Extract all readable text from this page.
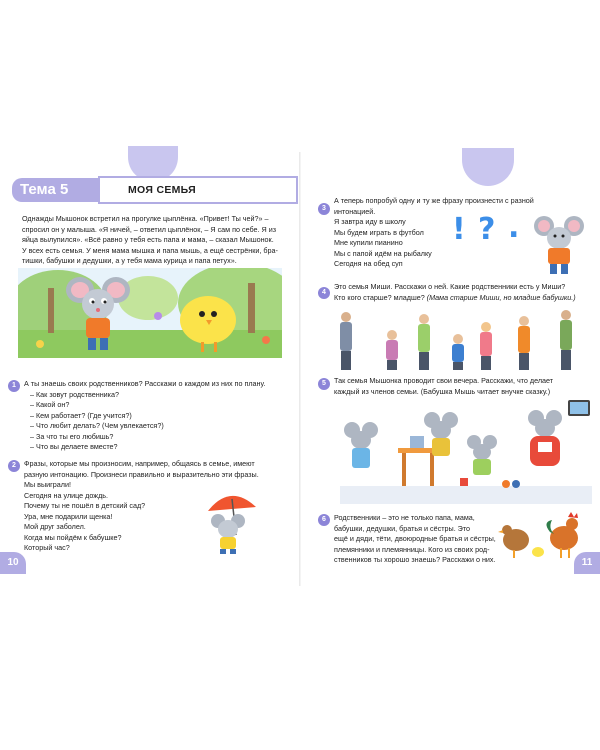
Тема 5	МОЯ СЕМЬЯ
Однажды Мышонок встретил на прогулке цыплёнка. «Привет! Ты чей?» –
спросил он у малыша. «Я ничей, – ответил цыплёнок, – Я сам по себе. Я из
яйца вылупился». «Всё равно у тебя есть папа и мама, – сказал Мышонок.
У всех есть семья. У меня мама мышка и папа мышь, а ещё сестрёнки, бра-
тишки, бабушки и дедушки, а у тебя мама курица и папа петух».
1	А ты знаешь своих родственников? Расскажи о каждом из них по плану.
– Как зовут родственника?
– Какой он?
– Кем работает? (Где учится?)
– Что любит делать? (Чем увлекается?)
– За что ты его любишь?
– Что вы делаете вместе?
2	Фразы, которые мы произносим, например, общаясь в семье, имеют
разную интонацию. Произнеси правильно и выразительно эти фразы.
Мы выиграли!
Сегодня на улице дождь.
Почему ты не пошёл в детский сад?
Ура, мне подарили щенка!
Мой друг заболел.
Когда мы пойдём к бабушке?
Который час?
10
3
А теперь попробуй одну и ту же фразу произнести с разной
интонацией.
Я завтра иду в школу
Мы будем играть в футбол
Мне купили пианино
Мы с папой идём на рыбалку
Сегодня на обед суп
! ? .
4
Это семья Миши. Расскажи о ней. Какие родственники есть у Миши?
Кто кого старше? младше? (Мама старше Миши, но младше бабушки.)
5	Так семья Мышонка проводит свои вечера. Расскажи, что делает
каждый из членов семьи. (Бабушка Мышь читает внучке сказку.)
6	Родственники – это не только папа, мама,
бабушки, дедушки, братья и сёстры. Это
ещё и дяди, тёти, двоюродные братья и сёстры,
племянники и племянницы. Кого из своих род-
ственников ты хорошо знаешь? Расскажи о них.	11
